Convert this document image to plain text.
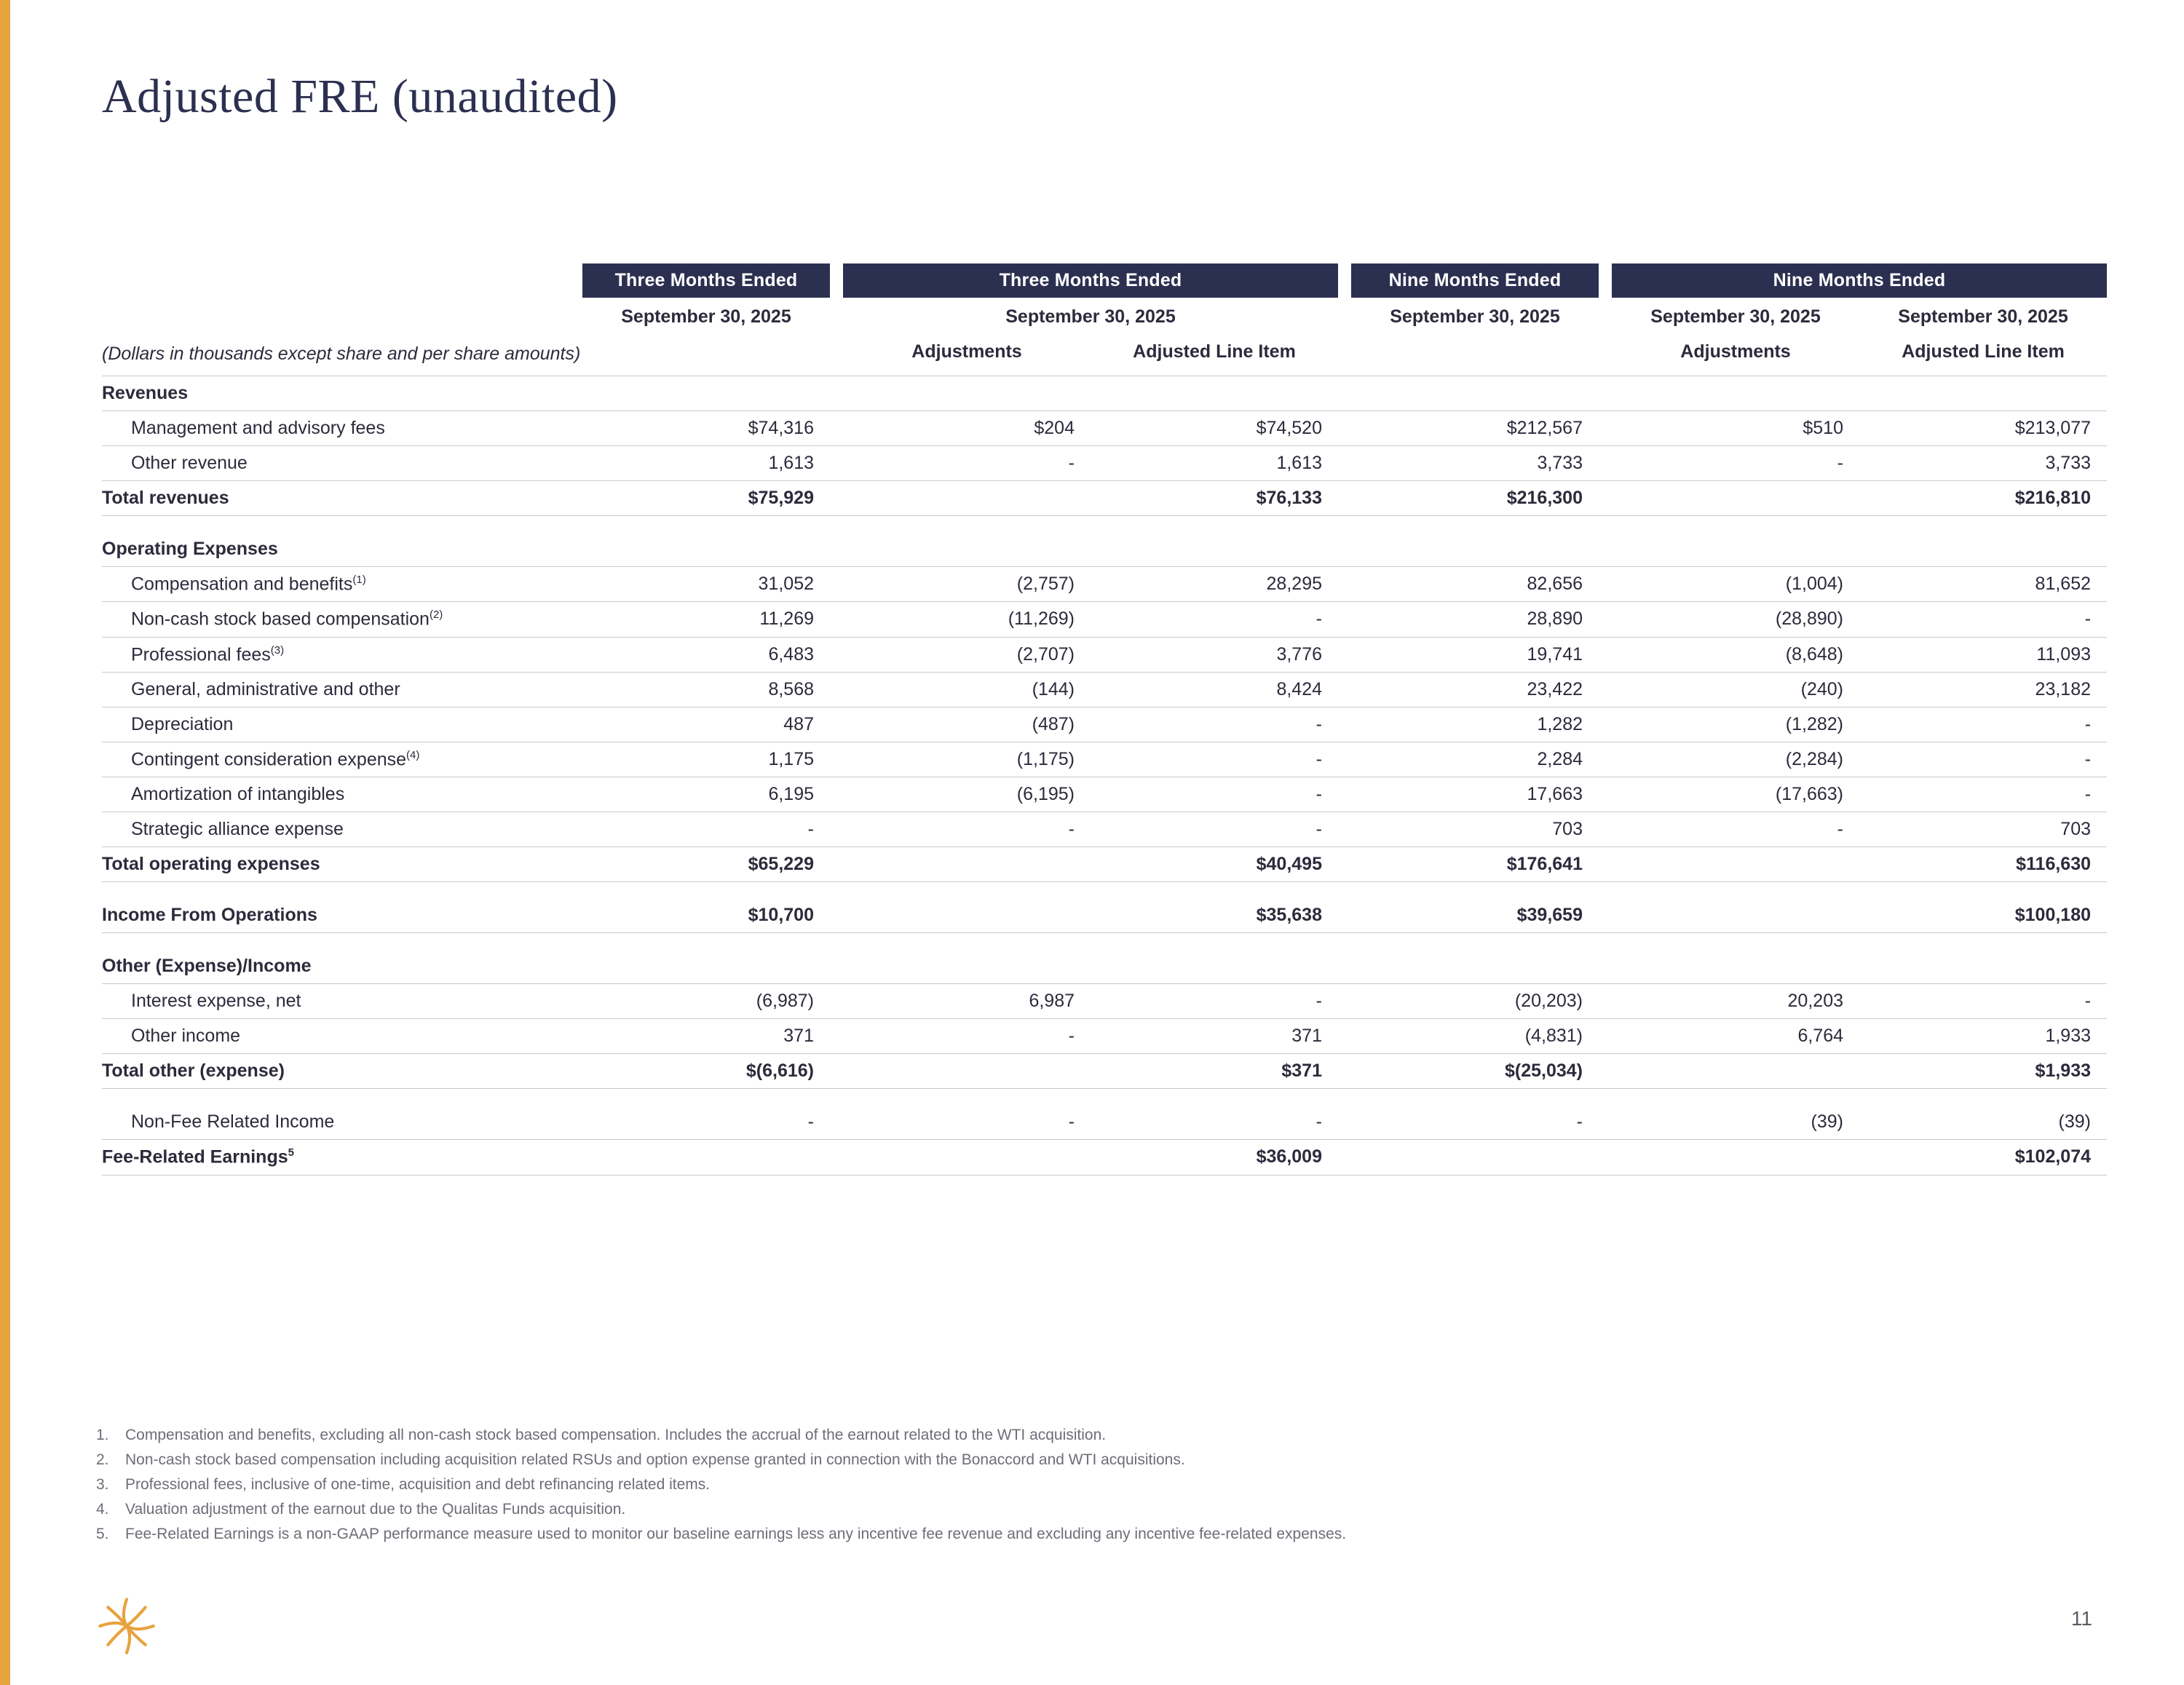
Adjusted FRE (unaudited)
	Three Months Ended		Three Months Ended			Nine Months Ended		Nine Months Ended	
	September 30, 2025		September 30, 2025			September 30, 2025		September 30, 2025	September 30, 2025
(Dollars in thousands except share and per share amounts)			Adjustments	Adjusted Line Item				Adjustments	Adjusted Line Item
Revenues									
Management and advisory fees	$74,316		$204	$74,520		$212,567		$510	$213,077
Other revenue	1,613		-	1,613		3,733		-	3,733
Total revenues	$75,929			$76,133		$216,300			$216,810

Operating Expenses									
Compensation and benefits$^{(1)}$	31,052		(2,757)	28,295		82,656		(1,004)	81,652
Non-cash stock based compensation$^{(2)}$	11,269		(11,269)	-		28,890		(28,890)	-
Professional fees$^{(3)}$	6,483		(2,707)	3,776		19,741		(8,648)	11,093
General, administrative and other	8,568		(144)	8,424		23,422		(240)	23,182
Depreciation	487		(487)	-		1,282		(1,282)	-
Contingent consideration expense$^{(4)}$	1,175		(1,175)	-		2,284		(2,284)	-
Amortization of intangibles	6,195		(6,195)	-		17,663		(17,663)	-
Strategic alliance expense	-		-	-		703		-	703
Total operating expenses	$65,229			$40,495		$176,641			$116,630

Income From Operations	$10,700			$35,638		$39,659			$100,180

Other (Expense)/Income									
Interest expense, net	(6,987)		6,987	-		(20,203)		20,203	-
Other income	371		-	371		(4,831)		6,764	1,933
Total other (expense)	$(6,616)			$371		$(25,034)			$1,933

Non-Fee Related Income	-		-	-		-		(39)	(39)
Fee-Related Earnings$^5$				$36,009					$102,074
1.	Compensation and benefits, excluding all non-cash stock based compensation. Includes the accrual of the earnout related to the WTI acquisition.
2.	Non-cash stock based compensation including acquisition related RSUs and option expense granted in connection with the Bonaccord and WTI acquisitions.
3.	Professional fees, inclusive of one-time, acquisition and debt refinancing related items.
4.	Valuation adjustment of the earnout due to the Qualitas Funds acquisition.
5.	Fee-Related Earnings is a non-GAAP performance measure used to monitor our baseline earnings less any incentive fee revenue and excluding any incentive fee-related expenses.
11
